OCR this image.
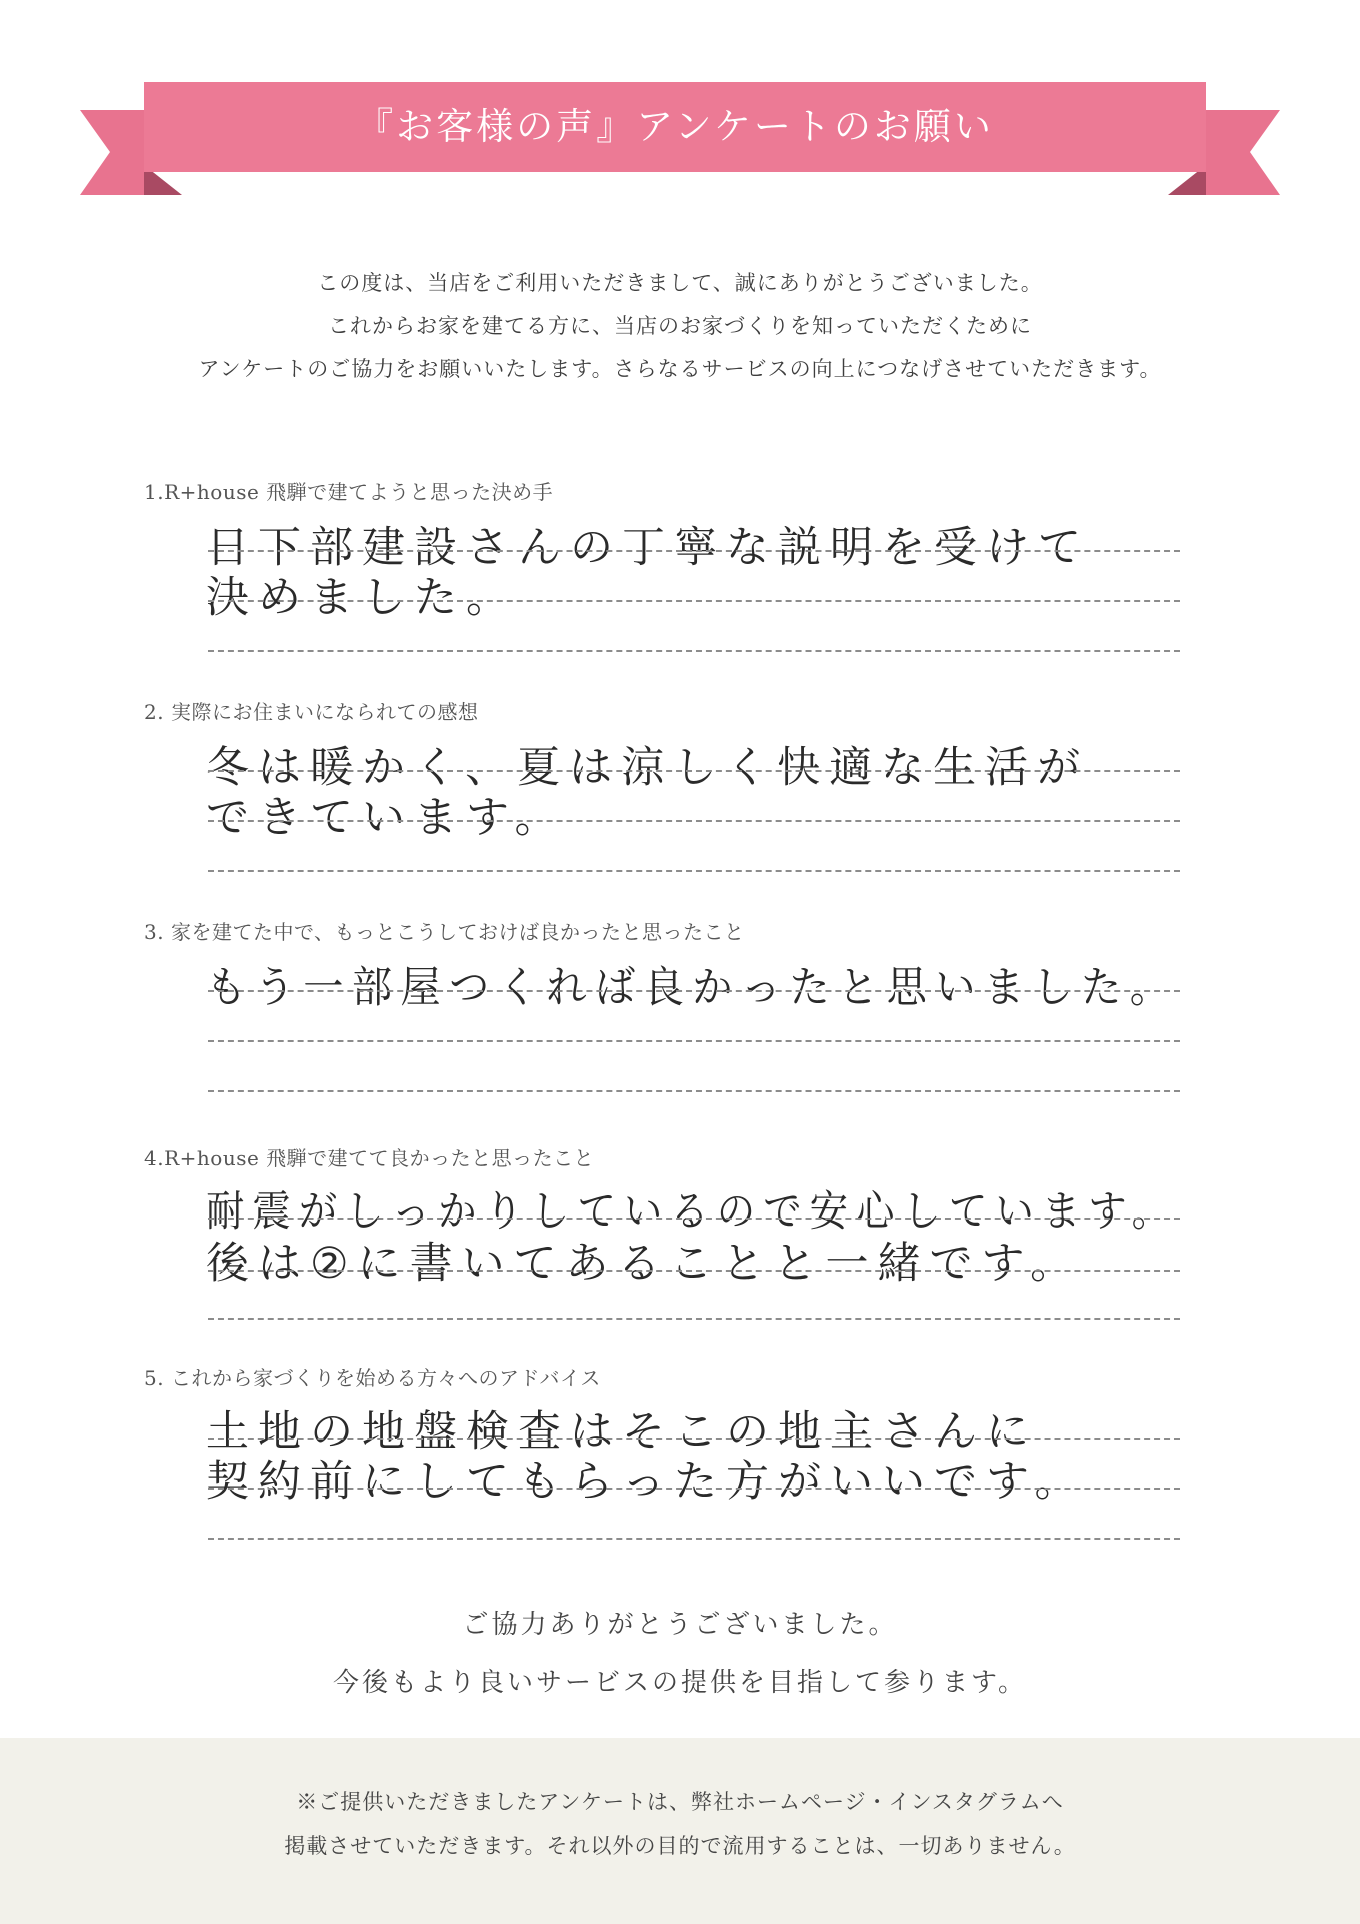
『お客様の声』アンケートのお願い

この度は、当店をご利用いただきまして、誠にありがとうございました。

これからお家を建てる方に、当店のお家づくりを知っていただくために

アンケートのご協力をお願いいたします。さらなるサービスの向上につなげさせていただきます。

1.R+house 飛騨で建てようと思った決め手
日下部建設さんの丁寧な説明を受けて
決めました。
2. 実際にお住まいになられての感想
冬は暖かく、夏は涼しく快適な生活が
できています。
3. 家を建てた中で、もっとこうしておけば良かったと思ったこと
もう一部屋つくれば良かったと思いました。
4.R+house 飛騨で建てて良かったと思ったこと
耐震がしっかりしているので安心しています。
後は②に書いてあることと一緒です。
5. これから家づくりを始める方々へのアドバイス
土地の地盤検査はそこの地主さんに
契約前にしてもらった方がいいです。

ご協力ありがとうございました。

今後もより良いサービスの提供を目指して参ります。

※ご提供いただきましたアンケートは、弊社ホームページ・インスタグラムへ

掲載させていただきます。それ以外の目的で流用することは、一切ありません。
